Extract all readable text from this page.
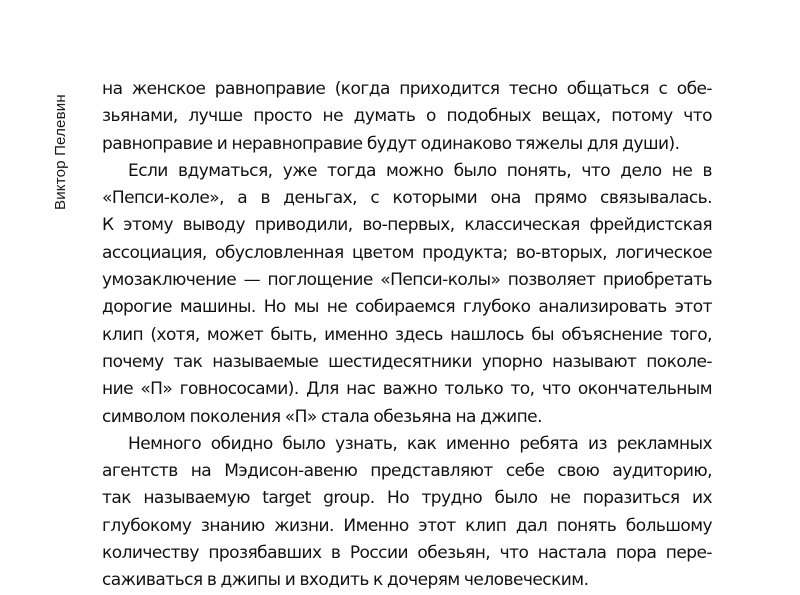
Виктор Пелевин
на женское равноправие (когда приходится тесно общаться с обе-
зьянами, лучше просто не думать о подобных вещах, потому что
равноправие и неравноправие будут одинаково тяжелы для души).
Если вдуматься, уже тогда можно было понять, что дело не в
«Пепси-коле», а в деньгах, с которыми она прямо связывалась.
К этому выводу приводили, во-первых, классическая фрейдистская
ассоциация, обусловленная цветом продукта; во-вторых, логическое
умозаключение — поглощение «Пепси-колы» позволяет приобретать
дорогие машины. Но мы не собираемся глубоко анализировать этот
клип (хотя, может быть, именно здесь нашлось бы объяснение того,
почему так называемые шестидесятники упорно называют поколе-
ние «П» говнососами). Для нас важно только то, что окончательным
символом поколения «П» стала обезьяна на джипе.
Немного обидно было узнать, как именно ребята из рекламных
агентств на Мэдисон-авеню представляют себе свою аудиторию,
так называемую target group. Но трудно было не поразиться их
глубокому знанию жизни. Именно этот клип дал понять большому
количеству прозябавших в России обезьян, что настала пора пере-
саживаться в джипы и входить к дочерям человеческим.
